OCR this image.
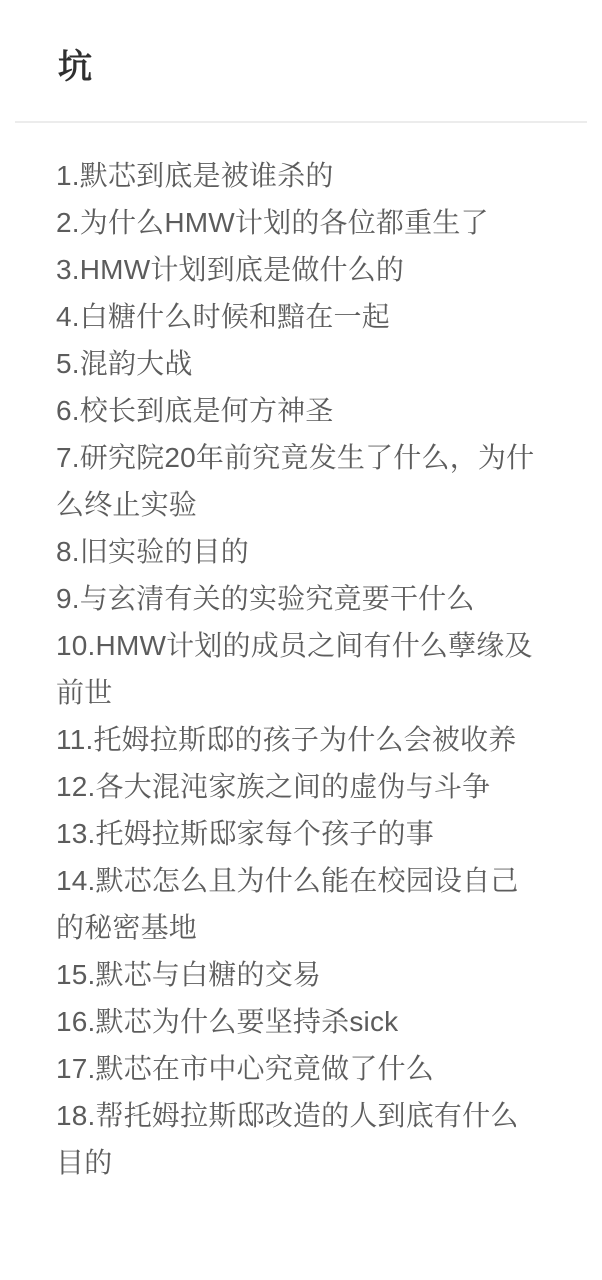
坑
1.默芯到底是被谁杀的
2.为什么HMW计划的各位都重生了
3.HMW计划到底是做什么的
4.白糖什么时候和黯在一起
5.混韵大战
6.校长到底是何方神圣
7.研究院20年前究竟发生了什么，为什
么终止实验
8.旧实验的目的
9.与玄清有关的实验究竟要干什么
10.HMW计划的成员之间有什么孽缘及
前世
11.托姆拉斯邸的孩子为什么会被收养
12.各大混沌家族之间的虚伪与斗争
13.托姆拉斯邸家每个孩子的事
14.默芯怎么且为什么能在校园设自己
的秘密基地
15.默芯与白糖的交易
16.默芯为什么要坚持杀sick
17.默芯在市中心究竟做了什么
18.帮托姆拉斯邸改造的人到底有什么
目的
